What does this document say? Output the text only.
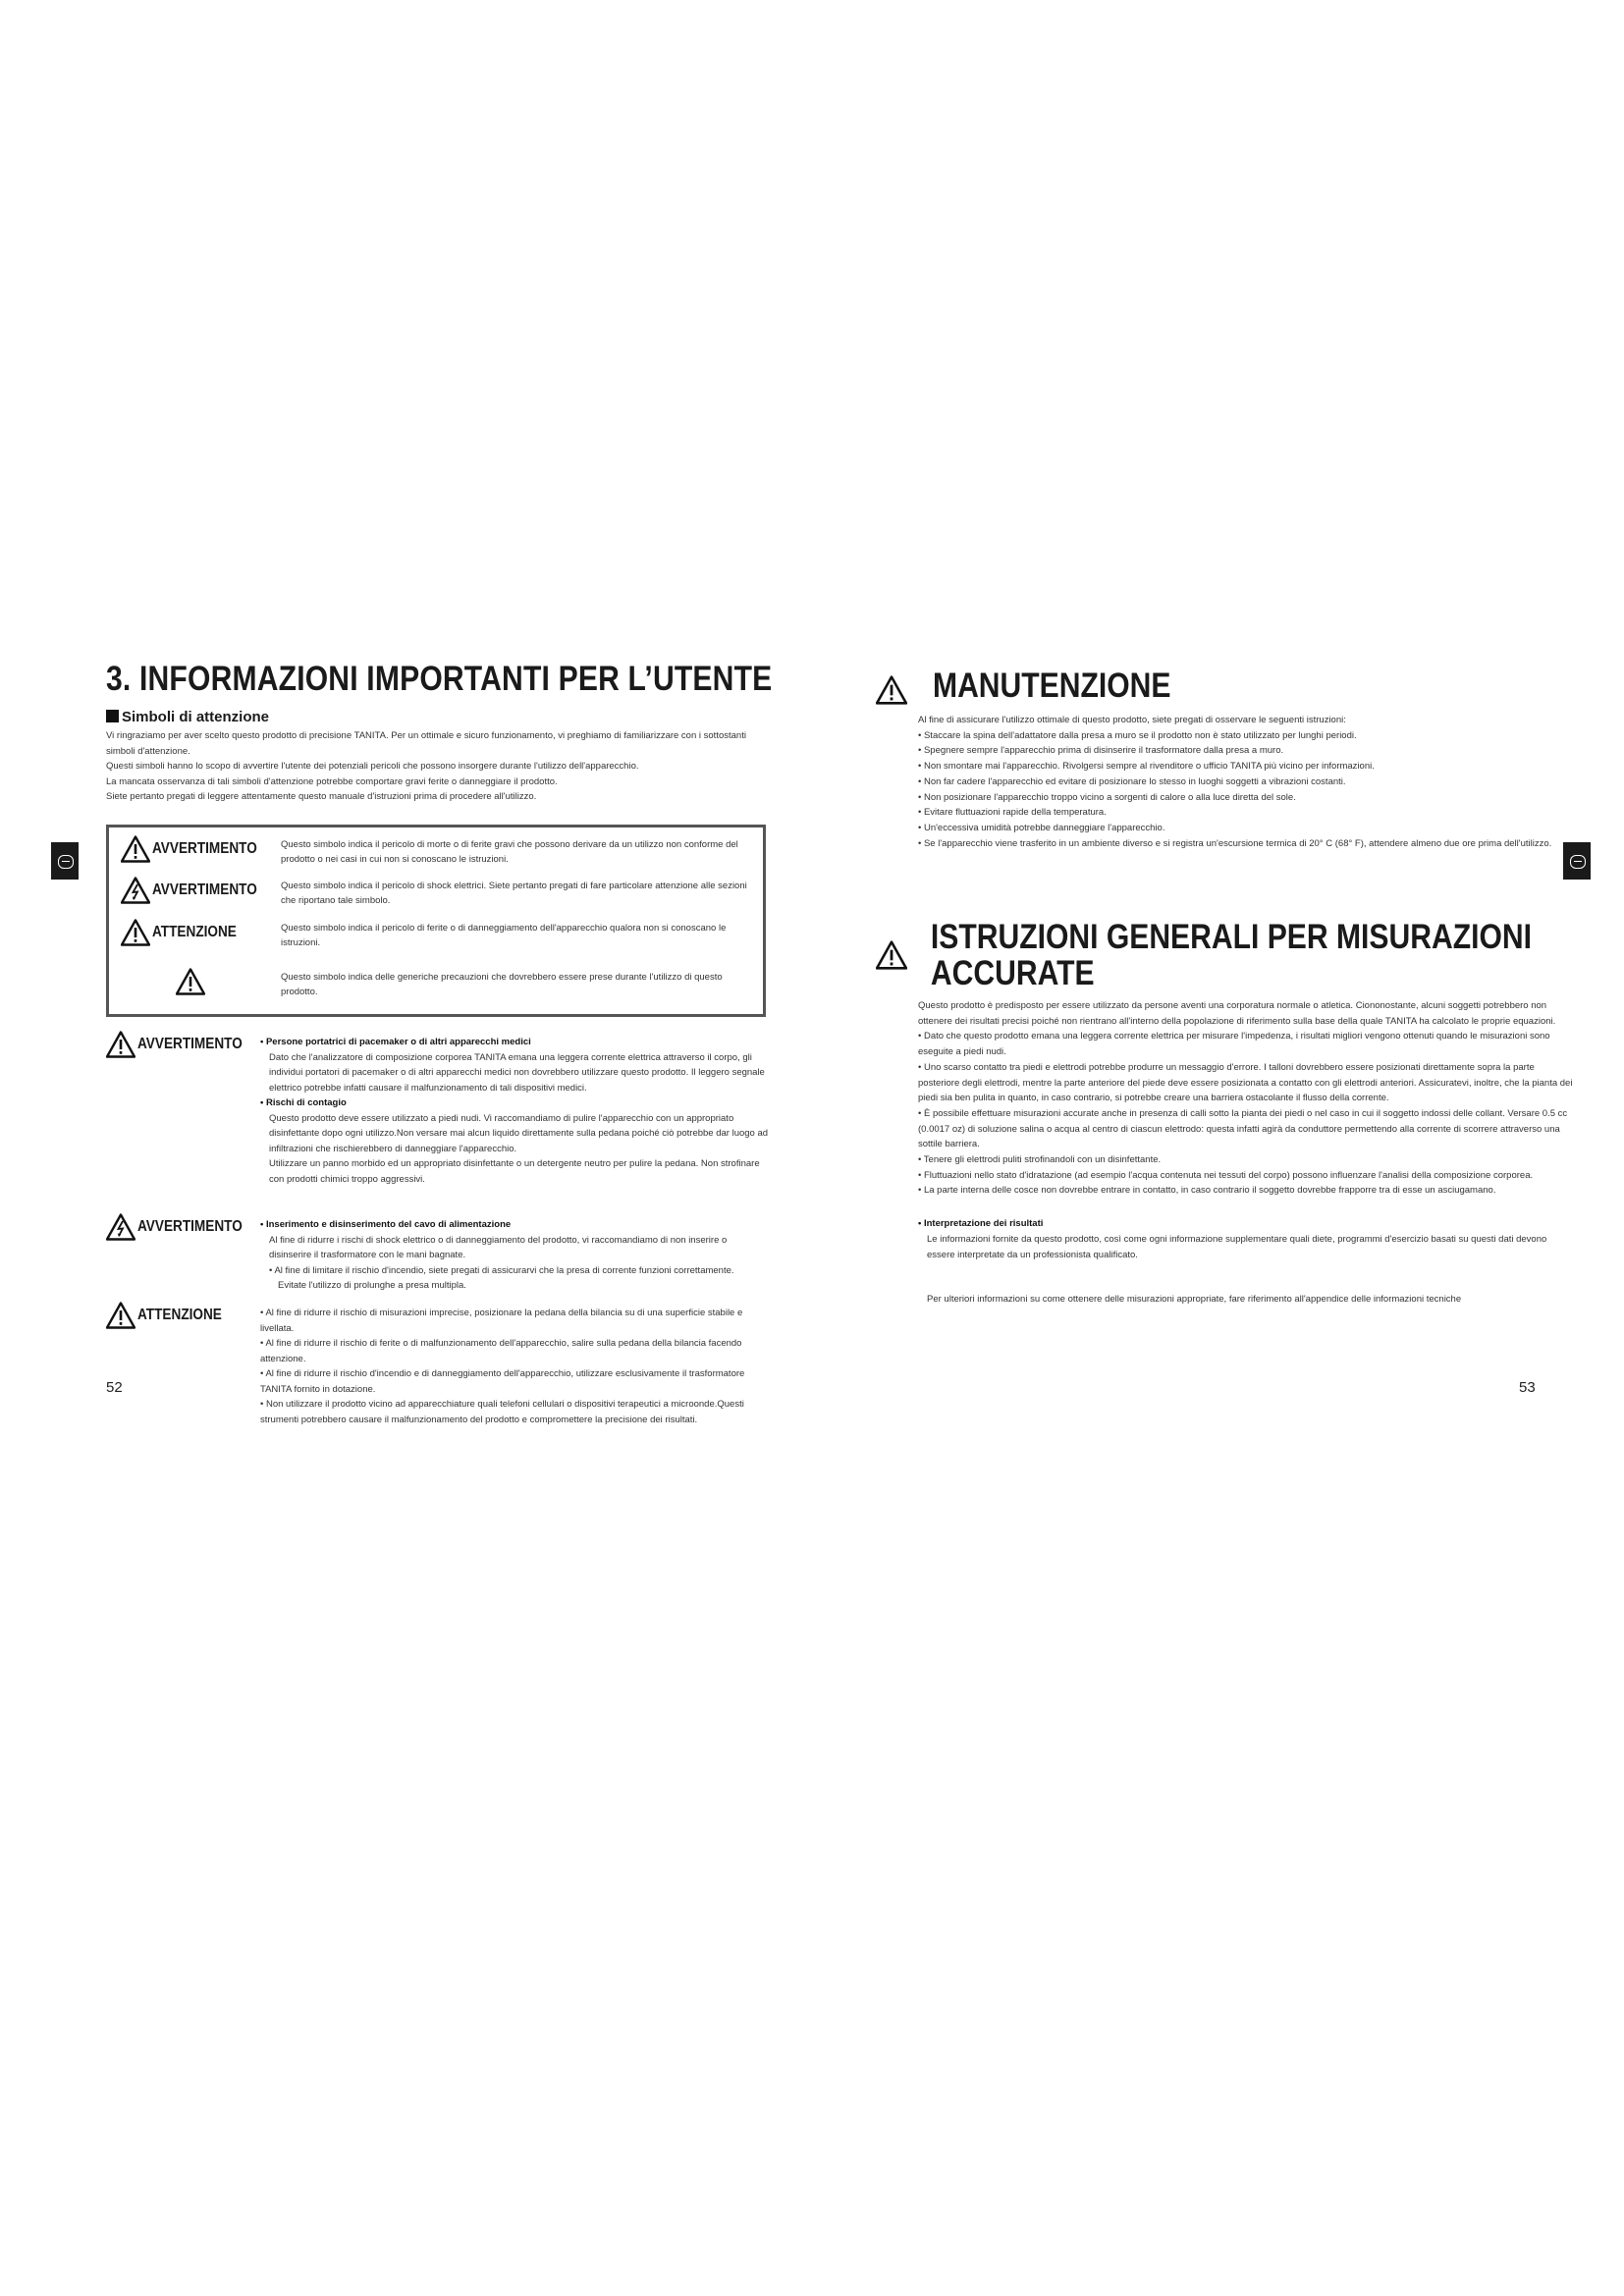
3. INFORMAZIONI IMPORTANTI PER L’UTENTE
Simboli di attenzione

Vi ringraziamo per aver scelto questo prodotto di precisione TANITA. Per un ottimale e sicuro funzionamento, vi preghiamo di familiarizzare con i sottostanti simboli d'attenzione.

Questi simboli hanno lo scopo di avvertire l'utente dei potenziali pericoli che possono insorgere durante l'utilizzo dell'apparecchio.

La mancata osservanza di tali simboli d'attenzione potrebbe comportare gravi ferite o danneggiare il prodotto.

Siete pertanto pregati di leggere attentamente questo manuale d'istruzioni prima di procedere all'utilizzo.

AVVERTIMENTO	Questo simbolo indica il pericolo di morte o di ferite gravi che possono derivare da un utilizzo non conforme del prodotto o nei casi in cui non si conoscano le istruzioni.
AVVERTIMENTO	Questo simbolo indica il pericolo di shock elettrici. Siete pertanto pregati di fare particolare attenzione alle sezioni che riportano tale simbolo.
ATTENZIONE	Questo simbolo indica il pericolo di ferite o di danneggiamento dell'apparecchio qualora non si conoscano le istruzioni.
Questo simbolo indica delle generiche precauzioni che dovrebbero essere prese durante l'utilizzo di questo prodotto.
AVVERTIMENTO	• Persone portatrici di pacemaker o di altri apparecchi medici

Dato che l'analizzatore di composizione corporea TANITA emana una leggera corrente elettrica attraverso il corpo, gli individui portatori di pacemaker o di altri apparecchi medici non dovrebbero utilizzare questo prodotto. Il leggero segnale elettrico potrebbe infatti causare il malfunzionamento di tali dispositivi medici.

• Rischi di contagio

Questo prodotto deve essere utilizzato a piedi nudi. Vi raccomandiamo di pulire l'apparecchio con un appropriato disinfettante dopo ogni utilizzo.Non versare mai alcun liquido direttamente sulla pedana poiché ciò potrebbe dar luogo ad infiltrazioni che rischierebbero di danneggiare l'apparecchio.

Utilizzare un panno morbido ed un appropriato disinfettante o un detergente neutro per pulire la pedana. Non strofinare con prodotti chimici troppo aggressivi.

AVVERTIMENTO	• Inserimento e disinserimento del cavo di alimentazione

Al fine di ridurre i rischi di shock elettrico o di danneggiamento del prodotto, vi raccomandiamo di non inserire o disinserire il trasformatore con le mani bagnate.

• Al fine di limitare il rischio d'incendio, siete pregati di assicurarvi che la presa di corrente funzioni correttamente.

Evitate l'utilizzo di prolunghe a presa multipla.

ATTENZIONE	• Al fine di ridurre il rischio di misurazioni imprecise, posizionare la pedana della bilancia su di una superficie stabile e livellata.

• Al fine di ridurre il rischio di ferite o di malfunzionamento dell'apparecchio, salire sulla pedana della bilancia facendo attenzione.

• Al fine di ridurre il rischio d'incendio e di danneggiamento dell'apparecchio, utilizzare esclusivamente il trasformatore TANITA fornito in dotazione.

• Non utilizzare il prodotto vicino ad apparecchiature quali telefoni cellulari o dispositivi terapeutici a microonde.Questi strumenti potrebbero causare il malfunzionamento del prodotto e compromettere la precisione dei risultati.

52
MANUTENZIONE

Al fine di assicurare l'utilizzo ottimale di questo prodotto, siete pregati di osservare le seguenti istruzioni:

• Staccare la spina dell'adattatore dalla presa a muro se il prodotto non è stato utilizzato per lunghi periodi.

• Spegnere sempre l'apparecchio prima di disinserire il trasformatore dalla presa a muro.

• Non smontare mai l'apparecchio. Rivolgersi sempre al rivenditore o ufficio TANITA più vicino per informazioni.

• Non far cadere l'apparecchio ed evitare di posizionare lo stesso in luoghi soggetti a vibrazioni costanti.

• Non posizionare l'apparecchio troppo vicino a sorgenti di calore o alla luce diretta del sole.

• Evitare fluttuazioni rapide della temperatura.

• Un'eccessiva umidità potrebbe danneggiare l'apparecchio.

• Se l'apparecchio viene trasferito in un ambiente diverso e si registra un'escursione termica di 20° C (68° F), attendere almeno due ore prima dell'utilizzo.

ISTRUZIONI GENERALI PER MISURAZIONI
ACCURATE

Questo prodotto è predisposto per essere utilizzato da persone aventi una corporatura normale o atletica. Ciononostante, alcuni soggetti potrebbero non ottenere dei risultati precisi poiché non rientrano all'interno della popolazione di riferimento sulla base della quale TANITA ha calcolato le proprie equazioni.

• Dato che questo prodotto emana una leggera corrente elettrica per misurare l'impedenza, i risultati migliori vengono ottenuti quando le misurazioni sono eseguite a piedi nudi.

• Uno scarso contatto tra piedi e elettrodi potrebbe produrre un messaggio d'errore. I talloni dovrebbero essere posizionati direttamente sopra la parte posteriore degli elettrodi, mentre la parte anteriore del piede deve essere posizionata a contatto con gli elettrodi anteriori. Assicuratevi, inoltre, che la pianta dei piedi sia ben pulita in quanto, in caso contrario, si potrebbe creare una barriera ostacolante il flusso della corrente.

• È possibile effettuare misurazioni accurate anche in presenza di calli sotto la pianta dei piedi o nel caso in cui il soggetto indossi delle collant. Versare 0.5 cc (0.0017 oz) di soluzione salina o acqua al centro di ciascun elettrodo: questa infatti agirà da conduttore permettendo alla corrente di scorrere attraverso una sottile barriera.

• Tenere gli elettrodi puliti strofinandoli con un disinfettante.

• Fluttuazioni nello stato d'idratazione (ad esempio l'acqua contenuta nei tessuti del corpo) possono influenzare l'analisi della composizione corporea.

• La parte interna delle cosce non dovrebbe entrare in contatto, in caso contrario il soggetto dovrebbe frapporre tra di esse un asciugamano.

• Interpretazione dei risultati

Le informazioni fornite da questo prodotto, così come ogni informazione supplementare quali diete, programmi d'esercizio basati su questi dati devono essere interpretate da un professionista qualificato.

Per ulteriori informazioni su come ottenere delle misurazioni appropriate, fare riferimento all'appendice delle informazioni tecniche

53
